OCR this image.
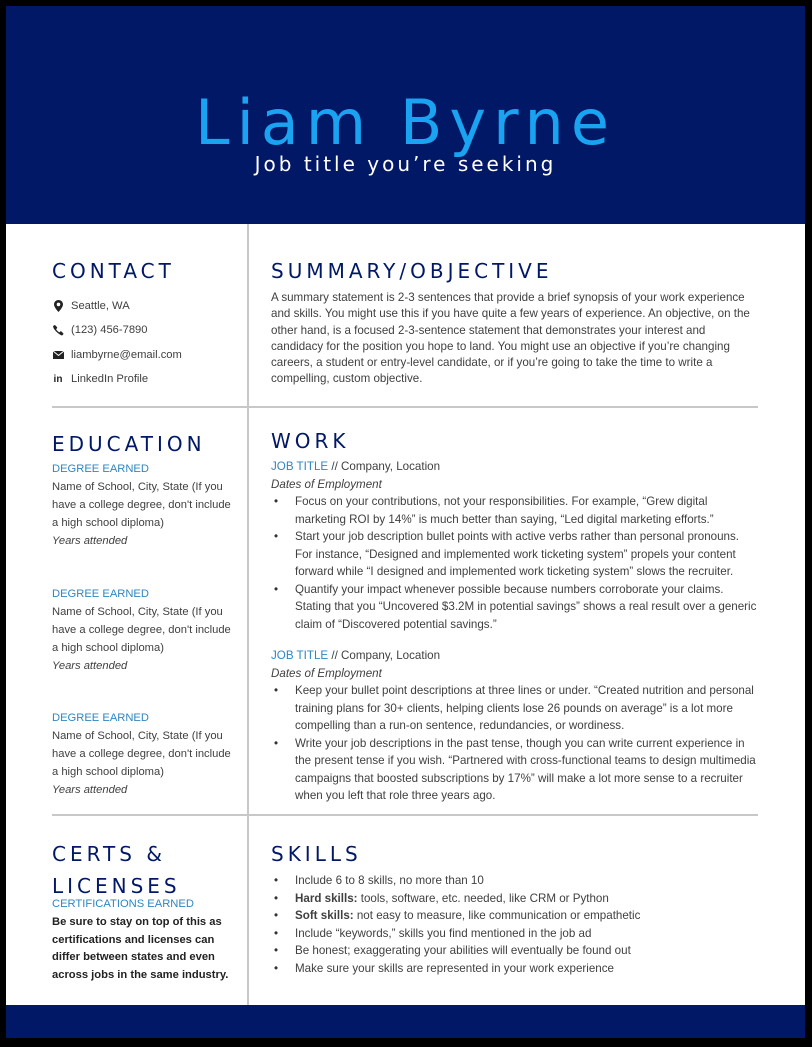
Liam Byrne
Job title you’re seeking
CONTACT
Seattle, WA
(123) 456-7890
liambyrne@email.com
in LinkedIn Profile
SUMMARY/OBJECTIVE
A summary statement is 2-3 sentences that provide a brief synopsis of your work experience and skills. You might use this if you have quite a few years of experience. An objective, on the other hand, is a focused 2-3-sentence statement that demonstrates your interest and candidacy for the position you hope to land. You might use an objective if you’re changing careers, a student or entry-level candidate, or if you’re going to take the time to write a compelling, custom objective.
EDUCATION
DEGREE EARNED
Name of School, City, State (If you have a college degree, don't include a high school diploma)
Years attended
DEGREE EARNED
Name of School, City, State (If you have a college degree, don't include a high school diploma)
Years attended
DEGREE EARNED
Name of School, City, State (If you have a college degree, don't include a high school diploma)
Years attended
WORK
JOB TITLE // Company, Location
Dates of Employment
• Focus on your contributions, not your responsibilities. For example, “Grew digital marketing ROI by 14%” is much better than saying, “Led digital marketing efforts.”
• Start your job description bullet points with active verbs rather than personal pronouns. For instance, “Designed and implemented work ticketing system” propels your content forward while “I designed and implemented work ticketing system” slows the recruiter.
• Quantify your impact whenever possible because numbers corroborate your claims. Stating that you “Uncovered $3.2M in potential savings” shows a real result over a generic claim of “Discovered potential savings.”
JOB TITLE // Company, Location
Dates of Employment
• Keep your bullet point descriptions at three lines or under. “Created nutrition and personal training plans for 30+ clients, helping clients lose 26 pounds on average” is a lot more compelling than a run-on sentence, redundancies, or wordiness.
• Write your job descriptions in the past tense, though you can write current experience in the present tense if you wish. “Partnered with cross-functional teams to design multimedia campaigns that boosted subscriptions by 17%” will make a lot more sense to a recruiter when you left that role three years ago.
CERTS &
LICENSES
CERTIFICATIONS EARNED
Be sure to stay on top of this as certifications and licenses can differ between states and even across jobs in the same industry.
SKILLS
• Include 6 to 8 skills, no more than 10
• Hard skills: tools, software, etc. needed, like CRM or Python
• Soft skills: not easy to measure, like communication or empathetic
• Include “keywords,” skills you find mentioned in the job ad
• Be honest; exaggerating your abilities will eventually be found out
• Make sure your skills are represented in your work experience
